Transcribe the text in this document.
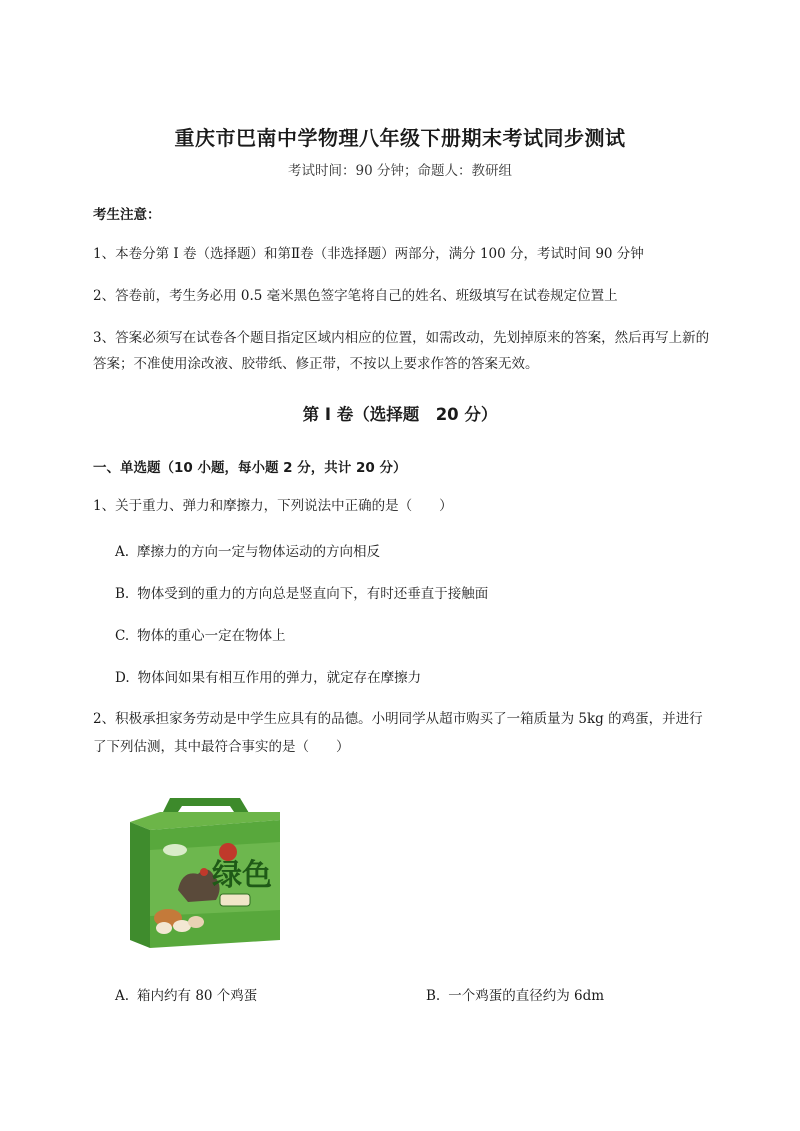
重庆市巴南中学物理八年级下册期末考试同步测试
考试时间：90 分钟；命题人：教研组
考生注意：
1、本卷分第 I 卷（选择题）和第Ⅱ卷（非选择题）两部分，满分 100 分，考试时间 90 分钟
2、答卷前，考生务必用 0.5 毫米黑色签字笔将自己的姓名、班级填写在试卷规定位置上
3、答案必须写在试卷各个题目指定区域内相应的位置，如需改动，先划掉原来的答案，然后再写上新的答案；不准使用涂改液、胶带纸、修正带，不按以上要求作答的答案无效。
第 I 卷（选择题　20 分）
一、单选题（10 小题，每小题 2 分，共计 20 分）
1、关于重力、弹力和摩擦力，下列说法中正确的是（　　）
A. 摩擦力的方向一定与物体运动的方向相反
B. 物体受到的重力的方向总是竖直向下，有时还垂直于接触面
C. 物体的重心一定在物体上
D. 物体间如果有相互作用的弹力，就定存在摩擦力
2、积极承担家务劳动是中学生应具有的品德。小明同学从超市购买了一箱质量为 5kg 的鸡蛋，并进行了下列估测，其中最符合事实的是（　　）
绿色
A. 箱内约有 80 个鸡蛋	B. 一个鸡蛋的直径约为 6dm
